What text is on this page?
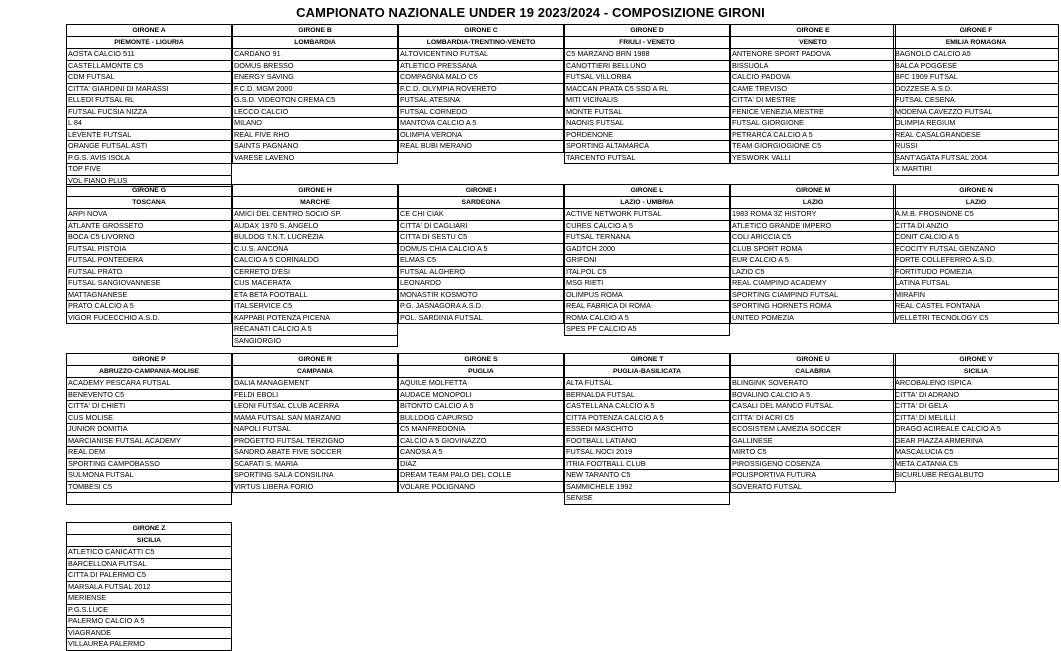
CAMPIONATO NAZIONALE UNDER 19 2023/2024 - COMPOSIZIONE GIRONI
GIRONE A
PIEMONTE - LIGURIA
AOSTA CALCIO 511
CASTELLAMONTE C5
CDM FUTSAL
CITTA' GIARDINI DI MARASSI
ELLEDI FUTSAL RL
FUTSAL FUCSIA NIZZA
L 84
LEVENTE FUTSAL
ORANGE FUTSAL ASTI
P.G.S. AVIS ISOLA
TOP FIVE
VDL FIANO PLUS
GIRONE B
LOMBARDIA
CARDANO 91
DOMUS BRESSO
ENERGY SAVING
F.C.D. MGM 2000
G.S.D. VIDEOTON CREMA C5
LECCO CALCIO
MILANO
REAL FIVE RHO
SAINTS PAGNANO
VARESE LAVENO
GIRONE C
LOMBARDIA-TRENTINO-VENETO
ALTOVICENTINO FUTSAL
ATLETICO PRESSANA
COMPAGNIA MALO C5
F.C.D. OLYMPIA ROVERETO
FUTSAL ATESINA
FUTSAL CORNEDO
MANTOVA CALCIO A 5
OLIMPIA VERONA
REAL BUBI MERANO
GIRONE D
FRIULI - VENETO
C5 MARZANO BRN 1988
CANOTTIERI BELLUNO
FUTSAL VILLORBA
MACCAN PRATA C5 SSD A RL
MITI VICINALIS
MONTE FUTSAL
NAONIS FUTSAL
PORDENONE
SPORTING ALTAMARCA
TARCENTO FUTSAL
GIRONE E
VENETO
ANTENORE SPORT PADOVA
BISSUOLA
CALCIO PADOVA
CAME TREVISO
CITTA' DI MESTRE
FENICE VENEZIA MESTRE
FUTSAL GIORGIONE
PETRARCA CALCIO A 5
TEAM GIORGIOGIONE C5
YESWORK VALLI
GIRONE F
EMILIA ROMAGNA
BAGNOLO CALCIO A5
BALCA POGGESE
BFC 1909 FUTSAL
DOZZESE A.S.D.
FUTSAL CESENA
MODENA CAVEZZO FUTSAL
OLIMPIA REGIUM
REAL CASALGRANDESE
RUSSI
SANT'AGATA FUTSAL 2004
X MARTIRI
GIRONE G
TOSCANA
ARPI NOVA
ATLANTE GROSSETO
BOCA C5 LIVORNO
FUTSAL PISTOIA
FUTSAL PONTEDERA
FUTSAL PRATO
FUTSAL SANGIOVANNESE
MATTAGNANESE
PRATO CALCIO A 5
VIGOR FUCECCHIO A.S.D.
GIRONE H
MARCHE
AMICI DEL CENTRO SOCIO SP.
AUDAX 1970 S. ANGELO
BULDOG T.N.T. LUCREZIA
C.U.S. ANCONA
CALCIO A 5 CORINALDO
CERRETO D'ESI
CUS MACERATA
ETA BETA FOOTBALL
ITALSERVICE C5
KAPPABI POTENZA PICENA
RECANATI CALCIO A 5
SANGIORGIO
GIRONE I
SARDEGNA
CE CHI CIAK
CITTA' DI CAGLIARI
CITTA DI SESTU C5
DOMUS CHIA CALCIO A 5
ELMAS C5
FUTSAL ALGHERO
LEONARDO
MONASTIR KOSMOTO
P.G. JASNAGORA A.S.D.
POL. SARDINIA FUTSAL
GIRONE L
LAZIO - UMBRIA
ACTIVE NETWORK FUTSAL
CURES CALCIO A 5
FUTSAL TERNANA
GADTCH 2000
GRIFONI
ITALPOL C5
MSG RIETI
OLIMPUS ROMA
REAL FABRICA DI ROMA
ROMA CALCIO A 5
SPES PF CALCIO A5
GIRONE M
LAZIO
1983 ROMA 3Z HISTORY
ATLETICO GRANDE IMPERO
COLI ARICCIA C5
CLUB SPORT ROMA
EUR CALCIO A 5
LAZIO C5
REAL CIAMPINO ACADEMY
SPORTING CIAMPINO FUTSAL
SPORTING HORNETS ROMA
UNITED POMEZIA
GIRONE N
LAZIO
A.M.B. FROSINONE C5
CITTA DI ANZIO
CONIT CALCIO A 5
ECOCITY FUTSAL GENZANO
FORTE COLLEFERRO A.S.D.
FORTITUDO POMEZIA
LATINA FUTSAL
MIRAFIN
REAL CASTEL FONTANA
VELLETRI TECNOLOGY C5
GIRONE P
ABRUZZO-CAMPANIA-MOLISE
ACADEMY PESCARA FUTSAL
BENEVENTO C5
CITTA' DI CHIETI
CUS MOLISE
JUNIOR DOMITIA
MARCIANISE FUTSAL ACADEMY
REAL DEM
SPORTING CAMPOBASSO
SULMONA FUTSAL
TOMBESI C5
GIRONE R
CAMPANIA
DALIA MANAGEMENT
FELDI EBOLI
LEONI FUTSAL CLUB ACERRA
MAMA FUTSAL SAN MARZANO
NAPOLI FUTSAL
PROGETTO FUTSAL TERZIGNO
SANDRO ABATE FIVE SOCCER
SCAFATI S. MARIA
SPORTING SALA CONSILINA
VIRTUS LIBERA FORIO
GIRONE S
PUGLIA
AQUILE MOLFETTA
AUDACE MONOPOLI
BITONTO CALCIO A 5
BULLDOG CAPURSO
C5 MANFREDONIA
CALCIO A 5 GIOVINAZZO
CANOSA A 5
DIAZ
DREAM TEAM PALO DEL COLLE
VOLARE POLIGNANO
GIRONE T
PUGLIA-BASILICATA
ALTA FUTSAL
BERNALDA FUTSAL
CASTELLANA CALCIO A 5
CITTA POTENZA CALCIO A 5
ESSEDI MASCHITO
FOOTBALL LATIANO
FUTSAL NOCI 2019
ITRIA FOOTBALL CLUB
NEW TARANTO C5
SAMMICHELE 1992
SENISE
GIRONE U
CALABRIA
BLINGINK SOVERATO
BOVALINO CALCIO A 5
CASALI DEL MANCO FUTSAL
CITTA' DI ACRI C5
ECOSISTEM LAMEZIA SOCCER
GALLINESE
MIRTO C5
PIROSSIGENO COSENZA
POLISPORTIVA FUTURA
SOVERATO FUTSAL
GIRONE V
SICILIA
ARCOBALENO ISPICA
CITTA' DI ADRANO
CITTA' DI GELA
CITTA' DI MELILLI
DRAGO ACIREALE CALCIO A 5
GEAR PIAZZA ARMERINA
MASCALUCIA C5
META CATANIA C5
SICURLUBE REGALBUTO
GIRONE Z
SICILIA
ATLETICO CANICATTI C5
BARCELLONA FUTSAL
CITTA DI PALERMO C5
MARSALA FUTSAL 2012
MERIENSE
P.G.S.LUCE
PALERMO CALCIO A 5
VIAGRANDE
VILLAUREA PALERMO
